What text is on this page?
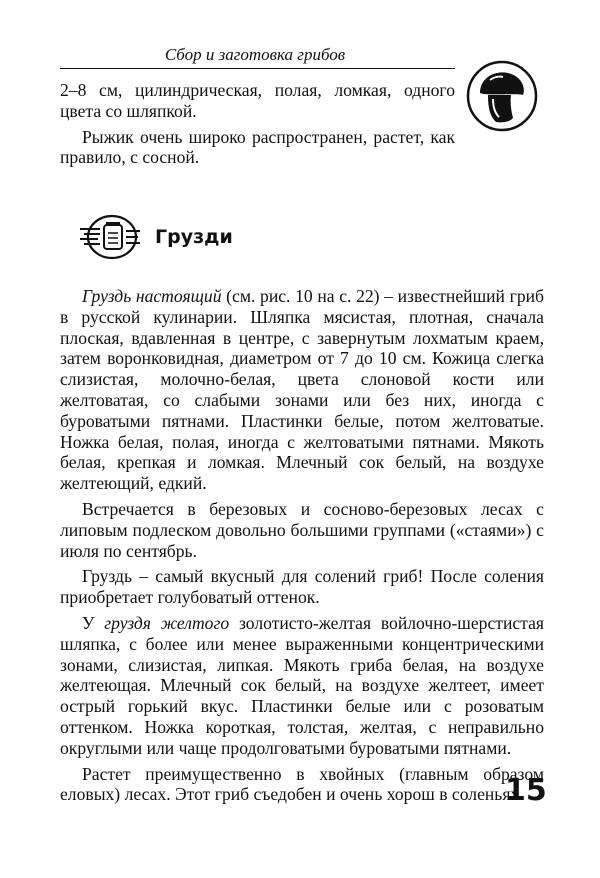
Сбор и заготовка грибов

2–8 см, цилиндрическая, полая, ломкая, одного цвета со шляпкой.

Рыжик очень широко распространен, растет, как правило, с сосной.

Грузди

Груздь настоящий (см. рис. 10 на с. 22) – известнейший гриб в русской кулинарии. Шляпка мясистая, плотная, сначала плоская, вдавленная в центре, с завернутым лохматым краем, затем воронковидная, диаметром от 7 до 10 см. Кожица слегка слизистая, молочно-белая, цвета слоновой кости или желтоватая, со слабыми зонами или без них, иногда с буроватыми пятнами. Пластинки белые, потом желтоватые. Ножка белая, полая, иногда с желтоватыми пятнами. Мякоть белая, крепкая и ломкая. Млечный сок белый, на воздухе желтеющий, едкий.

Встречается в березовых и сосново-березовых лесах с липовым подлеском довольно большими группами («стаями») с июля по сентябрь.

Груздь – самый вкусный для солений гриб! После соления приобретает голубоватый оттенок.

У груздя желтого золотисто-желтая войлочно-шерстистая шляпка, с более или менее выраженными концентрическими зонами, слизистая, липкая. Мякоть гриба белая, на воздухе желтеющая. Млечный сок белый, на воздухе желтеет, имеет острый горький вкус. Пластинки белые или с розоватым оттенком. Ножка короткая, толстая, желтая, с неправильно округлыми или чаще продолговатыми буроватыми пятнами.

Растет преимущественно в хвойных (главным образом еловых) лесах. Этот гриб съедобен и очень хорош в соленьях.

15
